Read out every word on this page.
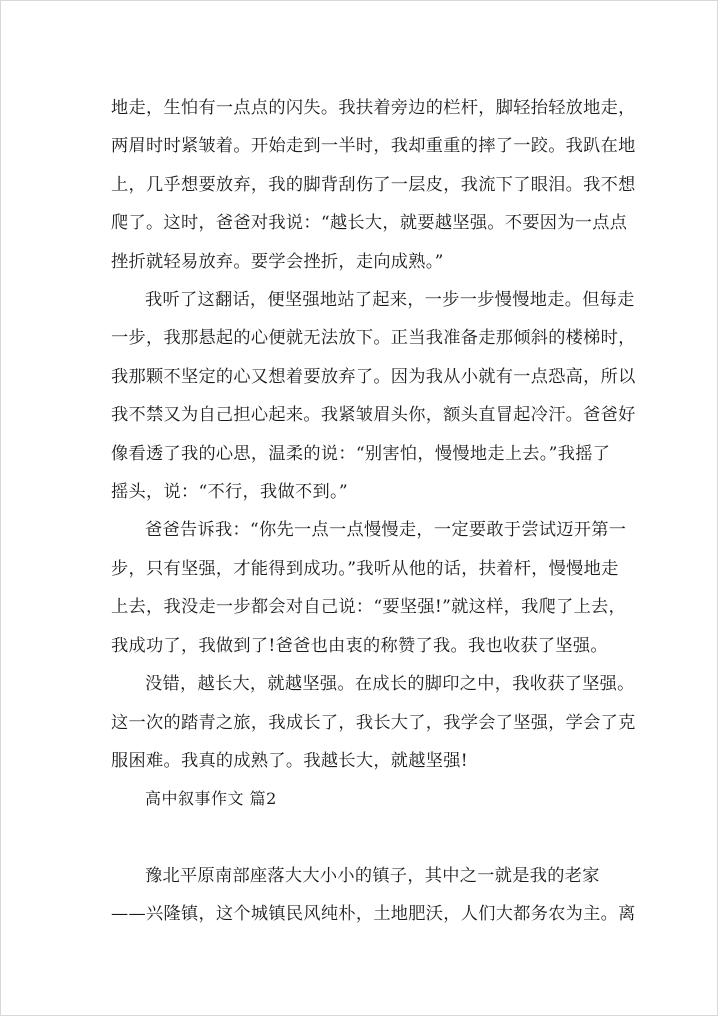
地走，生怕有一点点的闪失。我扶着旁边的栏杆，脚轻抬轻放地走，
两眉时时紧皱着。开始走到一半时，我却重重的摔了一跤。我趴在地
上，几乎想要放弃，我的脚背刮伤了一层皮，我流下了眼泪。我不想
爬了。这时，爸爸对我说：“越长大，就要越坚强。不要因为一点点
挫折就轻易放弃。要学会挫折，走向成熟。”

我听了这翻话，便坚强地站了起来，一步一步慢慢地走。但每走
一步，我那悬起的心便就无法放下。正当我准备走那倾斜的楼梯时，
我那颗不坚定的心又想着要放弃了。因为我从小就有一点恐高，所以
我不禁又为自己担心起来。我紧皱眉头你，额头直冒起冷汗。爸爸好
像看透了我的心思，温柔的说：“别害怕，慢慢地走上去。”我摇了
摇头，说：“不行，我做不到。”

爸爸告诉我：“你先一点一点慢慢走，一定要敢于尝试迈开第一
步，只有坚强，才能得到成功。”我听从他的话，扶着杆，慢慢地走
上去，我没走一步都会对自己说：“要坚强!”就这样，我爬了上去，
我成功了，我做到了!爸爸也由衷的称赞了我。我也收获了坚强。

没错，越长大，就越坚强。在成长的脚印之中，我收获了坚强。
这一次的踏青之旅，我成长了，我长大了，我学会了坚强，学会了克
服困难。我真的成熟了。我越长大，就越坚强!

高中叙事作文 篇2

豫北平原南部座落大大小小的镇子，其中之一就是我的老家
——兴隆镇，这个城镇民风纯朴，土地肥沃，人们大都务农为主。离
